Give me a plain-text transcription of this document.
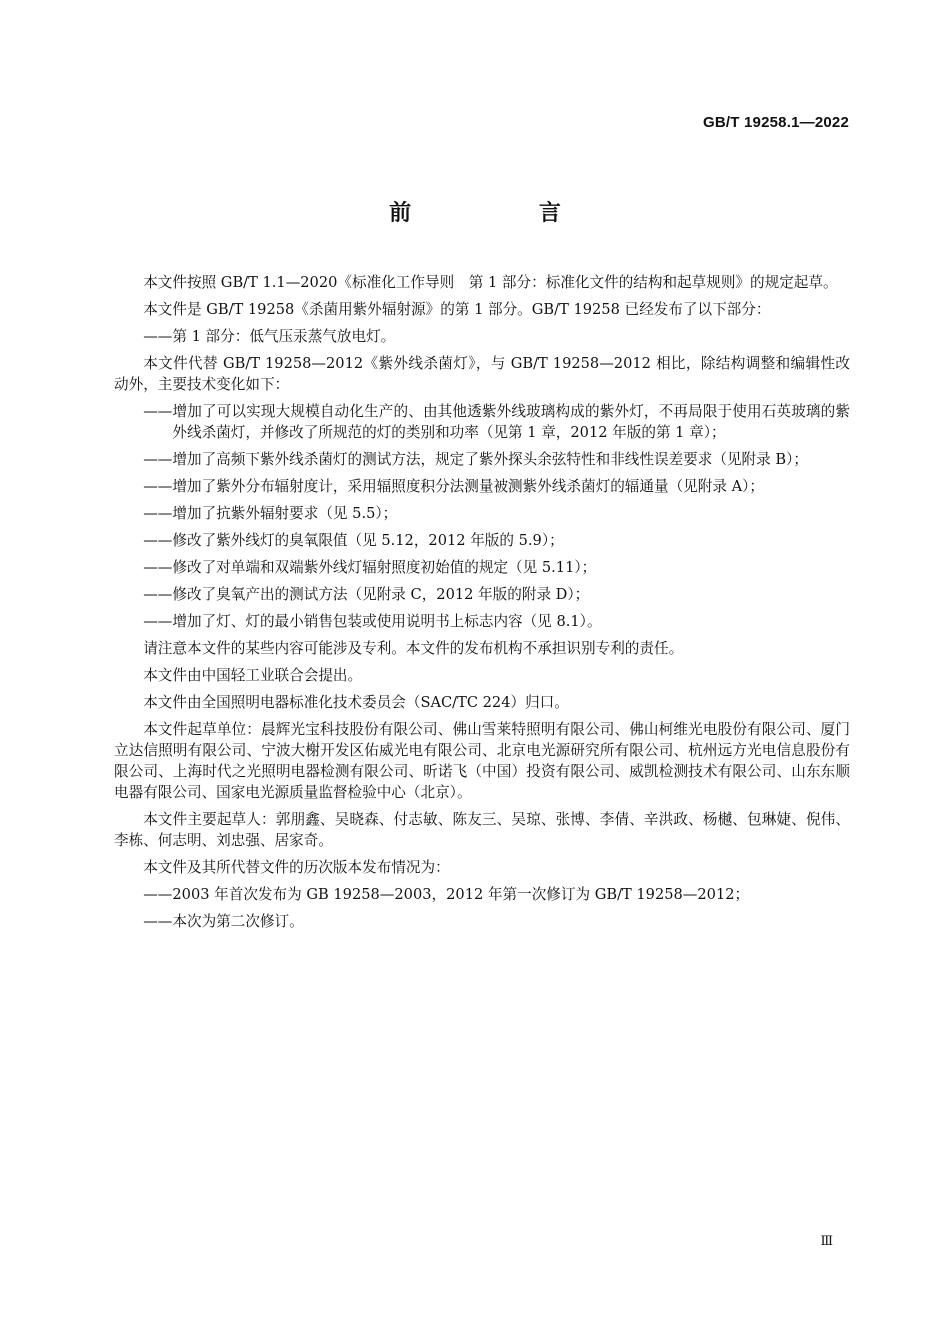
GB/T 19258.1—2022
前 言

本文件按照 GB/T 1.1—2020《标准化工作导则　第 1 部分：标准化文件的结构和起草规则》的规定起草。

本文件是 GB/T 19258《杀菌用紫外辐射源》的第 1 部分。GB/T 19258 已经发布了以下部分：

——第 1 部分：低气压汞蒸气放电灯。

本文件代替 GB/T 19258—2012《紫外线杀菌灯》，与 GB/T 19258—2012 相比，除结构调整和编辑性改动外，主要技术变化如下：

——增加了可以实现大规模自动化生产的、由其他透紫外线玻璃构成的紫外灯，不再局限于使用石英玻璃的紫外线杀菌灯，并修改了所规范的灯的类别和功率（见第 1 章，2012 年版的第 1 章）；

——增加了高频下紫外线杀菌灯的测试方法，规定了紫外探头余弦特性和非线性误差要求（见附录 B）；

——增加了紫外分布辐射度计，采用辐照度积分法测量被测紫外线杀菌灯的辐通量（见附录 A）；

——增加了抗紫外辐射要求（见 5.5）；

——修改了紫外线灯的臭氧限值（见 5.12，2012 年版的 5.9）；

——修改了对单端和双端紫外线灯辐射照度初始值的规定（见 5.11）；

——修改了臭氧产出的测试方法（见附录 C，2012 年版的附录 D）；

——增加了灯、灯的最小销售包装或使用说明书上标志内容（见 8.1）。

请注意本文件的某些内容可能涉及专利。本文件的发布机构不承担识别专利的责任。

本文件由中国轻工业联合会提出。

本文件由全国照明电器标准化技术委员会（SAC/TC 224）归口。

本文件起草单位：晨辉光宝科技股份有限公司、佛山雪莱特照明有限公司、佛山柯维光电股份有限公司、厦门立达信照明有限公司、宁波大榭开发区佑威光电有限公司、北京电光源研究所有限公司、杭州远方光电信息股份有限公司、上海时代之光照明电器检测有限公司、昕诺飞（中国）投资有限公司、威凯检测技术有限公司、山东东顺电器有限公司、国家电光源质量监督检验中心（北京）。

本文件主要起草人：郭朋鑫、吴晓森、付志敏、陈友三、吴琼、张博、李倩、辛洪政、杨樾、包琳婕、倪伟、李栋、何志明、刘忠强、居家奇。

本文件及其所代替文件的历次版本发布情况为：

——2003 年首次发布为 GB 19258—2003，2012 年第一次修订为 GB/T 19258—2012；

——本次为第二次修订。

Ⅲ
